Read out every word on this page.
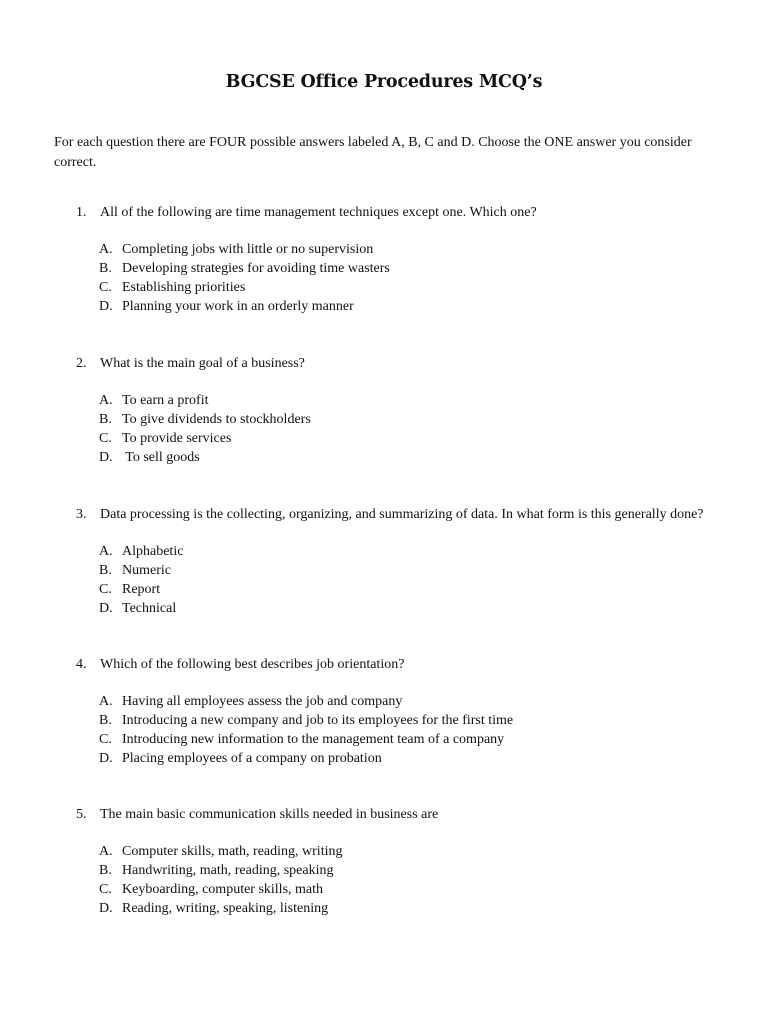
BGCSE Office Procedures MCQ’s

For each question there are FOUR possible answers labeled A, B, C and D. Choose the ONE answer you consider correct.

1. All of the following are time management techniques except one. Which one?
A. Completing jobs with little or no supervision
B. Developing strategies for avoiding time wasters
C. Establishing priorities
D. Planning your work in an orderly manner
2. What is the main goal of a business?
A. To earn a profit
B. To give dividends to stockholders
C. To provide services
D. To sell goods
3. Data processing is the collecting, organizing, and summarizing of data. In what form is this generally done?
A. Alphabetic
B. Numeric
C. Report
D. Technical
4. Which of the following best describes job orientation?
A. Having all employees assess the job and company
B. Introducing a new company and job to its employees for the first time
C. Introducing new information to the management team of a company
D. Placing employees of a company on probation
5. The main basic communication skills needed in business are
A. Computer skills, math, reading, writing
B. Handwriting, math, reading, speaking
C. Keyboarding, computer skills, math
D. Reading, writing, speaking, listening
